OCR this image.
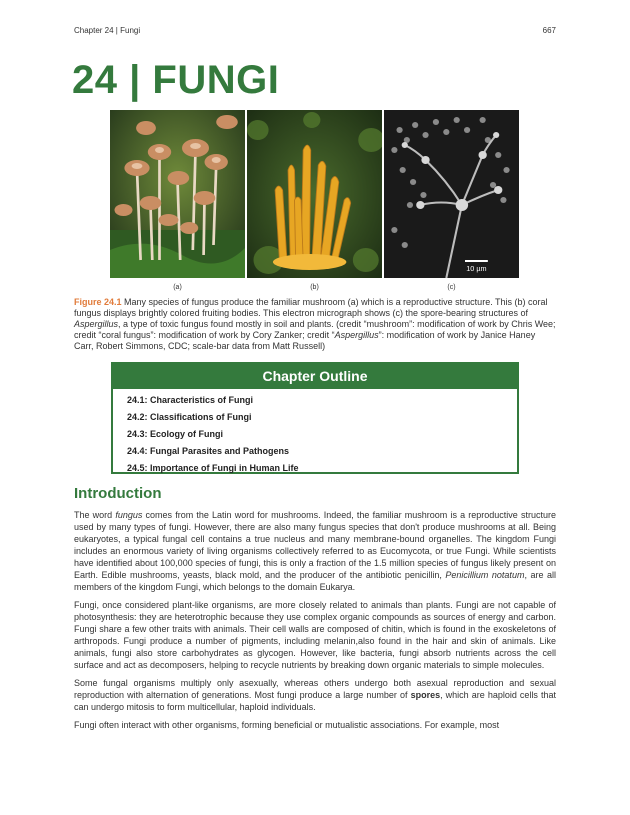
Chapter 24 | Fungi	667
24 | FUNGI
10 µm
(a)	(b)	(c)

Figure 24.1 Many species of fungus produce the familiar mushroom (a) which is a reproductive structure. This (b) coral fungus displays brightly colored fruiting bodies. This electron micrograph shows (c) the spore-bearing structures of Aspergillus, a type of toxic fungus found mostly in soil and plants. (credit “mushroom”: modification of work by Chris Wee; credit “coral fungus”: modification of work by Cory Zanker; credit “Aspergillus”: modification of work by Janice Haney Carr, Robert Simmons, CDC; scale-bar data from Matt Russell)

Chapter Outline
24.1: Characteristics of Fungi
24.2: Classifications of Fungi
24.3: Ecology of Fungi
24.4: Fungal Parasites and Pathogens
24.5: Importance of Fungi in Human Life
Introduction

The word fungus comes from the Latin word for mushrooms. Indeed, the familiar mushroom is a reproductive structure used by many types of fungi. However, there are also many fungus species that don't produce mushrooms at all. Being eukaryotes, a typical fungal cell contains a true nucleus and many membrane-bound organelles. The kingdom Fungi includes an enormous variety of living organisms collectively referred to as Eucomycota, or true Fungi. While scientists have identified about 100,000 species of fungi, this is only a fraction of the 1.5 million species of fungus likely present on Earth. Edible mushrooms, yeasts, black mold, and the producer of the antibiotic penicillin, Penicillium notatum, are all members of the kingdom Fungi, which belongs to the domain Eukarya.

Fungi, once considered plant-like organisms, are more closely related to animals than plants. Fungi are not capable of photosynthesis: they are heterotrophic because they use complex organic compounds as sources of energy and carbon. Fungi share a few other traits with animals. Their cell walls are composed of chitin, which is found in the exoskeletons of arthropods. Fungi produce a number of pigments, including melanin,also found in the hair and skin of animals. Like animals, fungi also store carbohydrates as glycogen. However, like bacteria, fungi absorb nutrients across the cell surface and act as decomposers, helping to recycle nutrients by breaking down organic materials to simple molecules.

Some fungal organisms multiply only asexually, whereas others undergo both asexual reproduction and sexual reproduction with alternation of generations. Most fungi produce a large number of spores, which are haploid cells that can undergo mitosis to form multicellular, haploid individuals.

Fungi often interact with other organisms, forming beneficial or mutualistic associations. For example, most
